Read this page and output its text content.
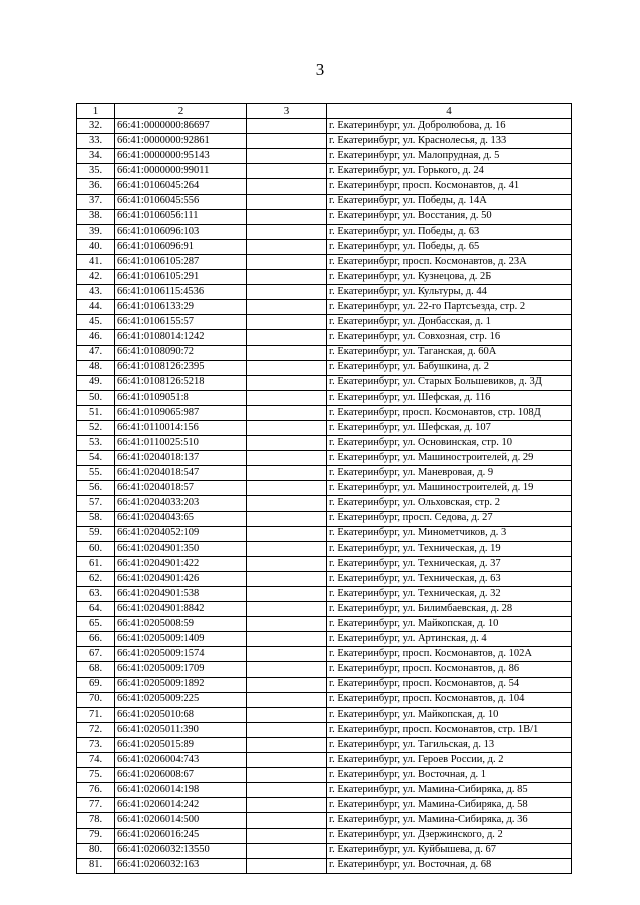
3
1	2	3	4
32.	66:41:0000000:86697		г. Екатеринбург, ул. Добролюбова, д. 16
33.	66:41:0000000:92861		г. Екатеринбург, ул. Краснолесья, д. 133
34.	66:41:0000000:95143		г. Екатеринбург, ул. Малопрудная, д. 5
35.	66:41:0000000:99011		г. Екатеринбург, ул. Горького, д. 24
36.	66:41:0106045:264		г. Екатеринбург, просп. Космонавтов, д. 41
37.	66:41:0106045:556		г. Екатеринбург, ул. Победы, д. 14А
38.	66:41:0106056:111		г. Екатеринбург, ул. Восстания, д. 50
39.	66:41:0106096:103		г. Екатеринбург, ул. Победы, д. 63
40.	66:41:0106096:91		г. Екатеринбург, ул. Победы, д. 65
41.	66:41:0106105:287		г. Екатеринбург, просп. Космонавтов, д. 23А
42.	66:41:0106105:291		г. Екатеринбург, ул. Кузнецова, д. 2Б
43.	66:41:0106115:4536		г. Екатеринбург, ул. Культуры, д. 44
44.	66:41:0106133:29		г. Екатеринбург, ул. 22-го Партсъезда, стр. 2
45.	66:41:0106155:57		г. Екатеринбург, ул. Донбасская, д. 1
46.	66:41:0108014:1242		г. Екатеринбург, ул. Совхозная, стр. 16
47.	66:41:0108090:72		г. Екатеринбург, ул. Таганская, д. 60А
48.	66:41:0108126:2395		г. Екатеринбург, ул. Бабушкина, д. 2
49.	66:41:0108126:5218		г. Екатеринбург, ул. Старых Большевиков, д. 3Д
50.	66:41:0109051:8		г. Екатеринбург, ул. Шефская, д. 116
51.	66:41:0109065:987		г. Екатеринбург, просп. Космонавтов, стр. 108Д
52.	66:41:0110014:156		г. Екатеринбург, ул. Шефская, д. 107
53.	66:41:0110025:510		г. Екатеринбург, ул. Основинская, стр. 10
54.	66:41:0204018:137		г. Екатеринбург, ул. Машиностроителей, д. 29
55.	66:41:0204018:547		г. Екатеринбург, ул. Маневровая, д. 9
56.	66:41:0204018:57		г. Екатеринбург, ул. Машиностроителей, д. 19
57.	66:41:0204033:203		г. Екатеринбург, ул. Ольховская, стр. 2
58.	66:41:0204043:65		г. Екатеринбург, просп. Седова, д. 27
59.	66:41:0204052:109		г. Екатеринбург, ул. Минометчиков, д. 3
60.	66:41:0204901:350		г. Екатеринбург, ул. Техническая, д. 19
61.	66:41:0204901:422		г. Екатеринбург, ул. Техническая, д. 37
62.	66:41:0204901:426		г. Екатеринбург, ул. Техническая, д. 63
63.	66:41:0204901:538		г. Екатеринбург, ул. Техническая, д. 32
64.	66:41:0204901:8842		г. Екатеринбург, ул. Билимбаевская, д. 28
65.	66:41:0205008:59		г. Екатеринбург, ул. Майкопская, д. 10
66.	66:41:0205009:1409		г. Екатеринбург, ул. Артинская, д. 4
67.	66:41:0205009:1574		г. Екатеринбург, просп. Космонавтов, д. 102А
68.	66:41:0205009:1709		г. Екатеринбург, просп. Космонавтов, д. 86
69.	66:41:0205009:1892		г. Екатеринбург, просп. Космонавтов, д. 54
70.	66:41:0205009:225		г. Екатеринбург, просп. Космонавтов, д. 104
71.	66:41:0205010:68		г. Екатеринбург, ул. Майкопская, д. 10
72.	66:41:0205011:390		г. Екатеринбург, просп. Космонавтов, стр. 1В/1
73.	66:41:0205015:89		г. Екатеринбург, ул. Тагильская, д. 13
74.	66:41:0206004:743		г. Екатеринбург, ул. Героев России, д. 2
75.	66:41:0206008:67		г. Екатеринбург, ул. Восточная, д. 1
76.	66:41:0206014:198		г. Екатеринбург, ул. Мамина-Сибиряка, д. 85
77.	66:41:0206014:242		г. Екатеринбург, ул. Мамина-Сибиряка, д. 58
78.	66:41:0206014:500		г. Екатеринбург, ул. Мамина-Сибиряка, д. 36
79.	66:41:0206016:245		г. Екатеринбург, ул. Дзержинского, д. 2
80.	66:41:0206032:13550		г. Екатеринбург, ул. Куйбышева, д. 67
81.	66:41:0206032:163		г. Екатеринбург, ул. Восточная, д. 68
